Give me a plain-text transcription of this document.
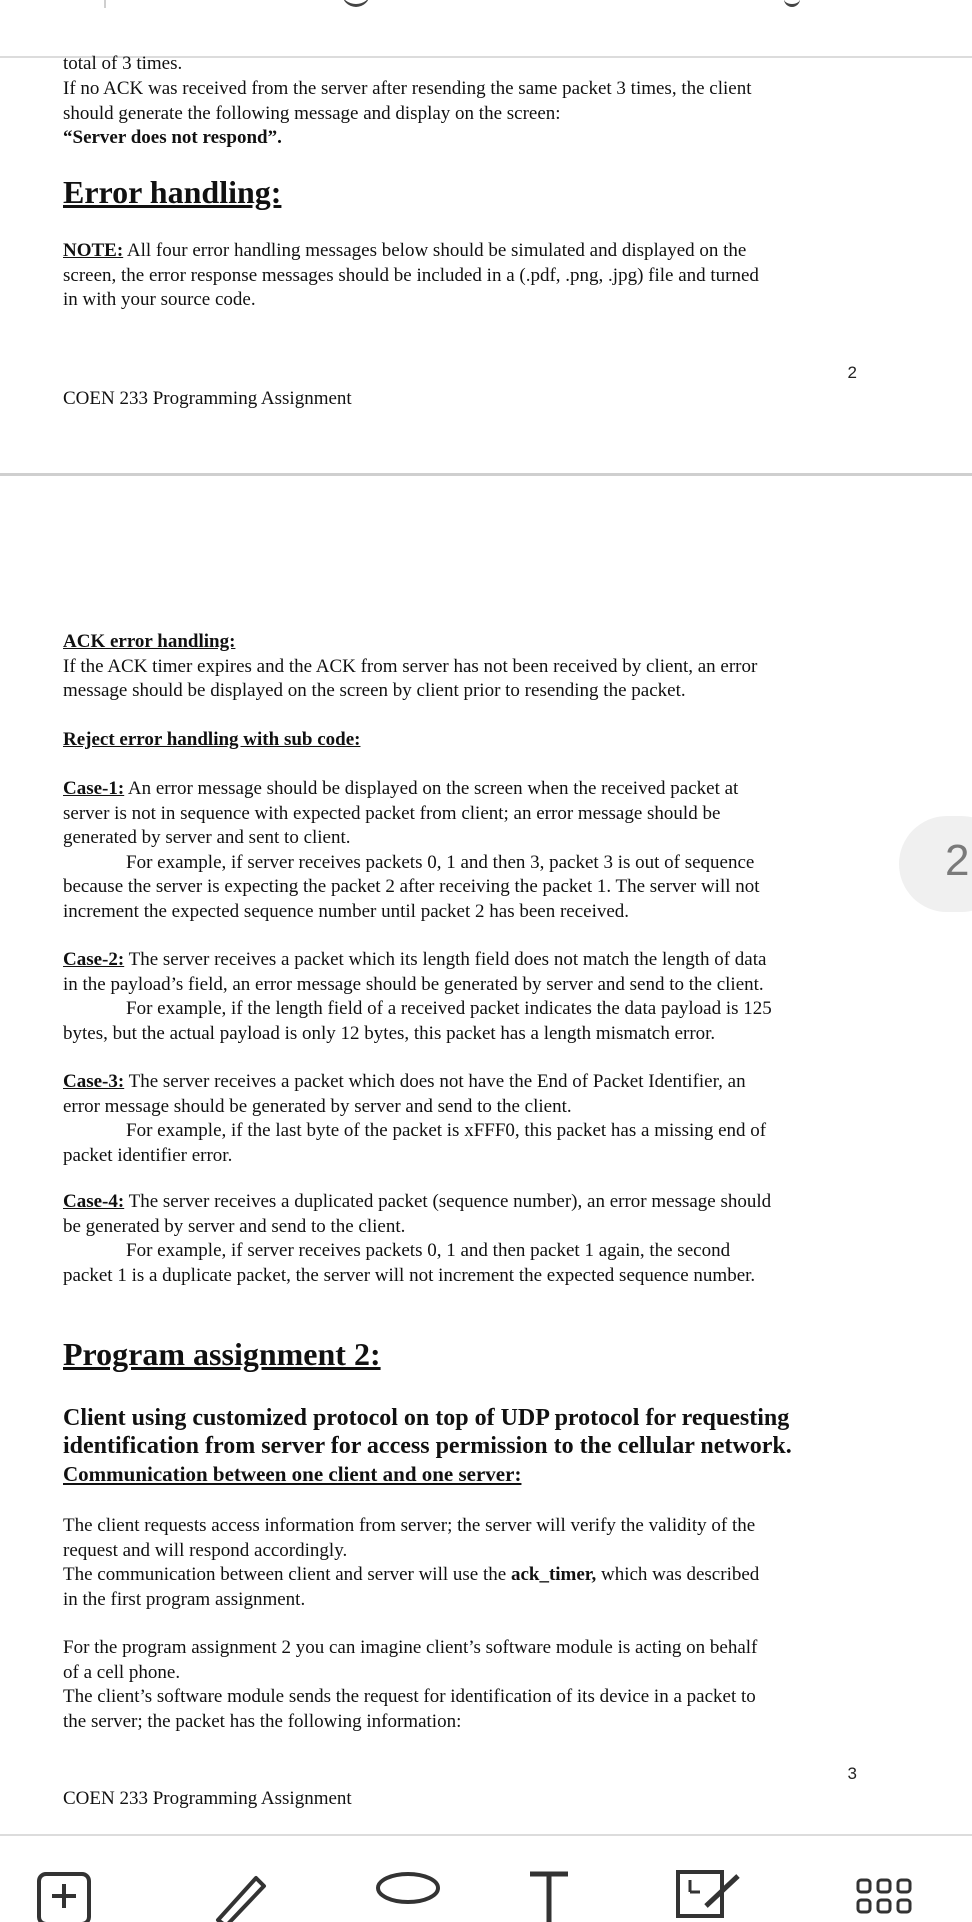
total of 3 times.
If no ACK was received from the server after resending the same packet 3 times, the client
should generate the following message and display on the screen:
“Server does not respond”.
Error handling:
NOTE: All four error handling messages below should be simulated and displayed on the
screen, the error response messages should be included in a (.pdf, .png, .jpg) file and turned
in with your source code.
2
COEN 233 Programming Assignment
ACK error handling:
If the ACK timer expires and the ACK from server has not been received by client, an error
message should be displayed on the screen by client prior to resending the packet.
Reject error handling with sub code:
Case-1: An error message should be displayed on the screen when the received packet at
server is not in sequence with expected packet from client; an error message should be
generated by server and sent to client.
For example, if server receives packets 0, 1 and then 3, packet 3 is out of sequence
because the server is expecting the packet 2 after receiving the packet 1. The server will not
increment the expected sequence number until packet 2 has been received.
Case-2: The server receives a packet which its length field does not match the length of data
in the payload’s field, an error message should be generated by server and send to the client.
For example, if the length field of a received packet indicates the data payload is 125
bytes, but the actual payload is only 12 bytes, this packet has a length mismatch error.
Case-3: The server receives a packet which does not have the End of Packet Identifier, an
error message should be generated by server and send to the client.
For example, if the last byte of the packet is xFFF0, this packet has a missing end of
packet identifier error.
Case-4: The server receives a duplicated packet (sequence number), an error message should
be generated by server and send to the client.
For example, if server receives packets 0, 1 and then packet 1 again, the second
packet 1 is a duplicate packet, the server will not increment the expected sequence number.
Program assignment 2:
Client using customized protocol on top of UDP protocol for requesting
identification from server for access permission to the cellular network.
Communication between one client and one server:
The client requests access information from server; the server will verify the validity of the
request and will respond accordingly.
The communication between client and server will use the ack_timer, which was described
in the first program assignment.
For the program assignment 2 you can imagine client’s software module is acting on behalf
of a cell phone.
The client’s software module sends the request for identification of its device in a packet to
the server; the packet has the following information:
3
COEN 233 Programming Assignment
2
